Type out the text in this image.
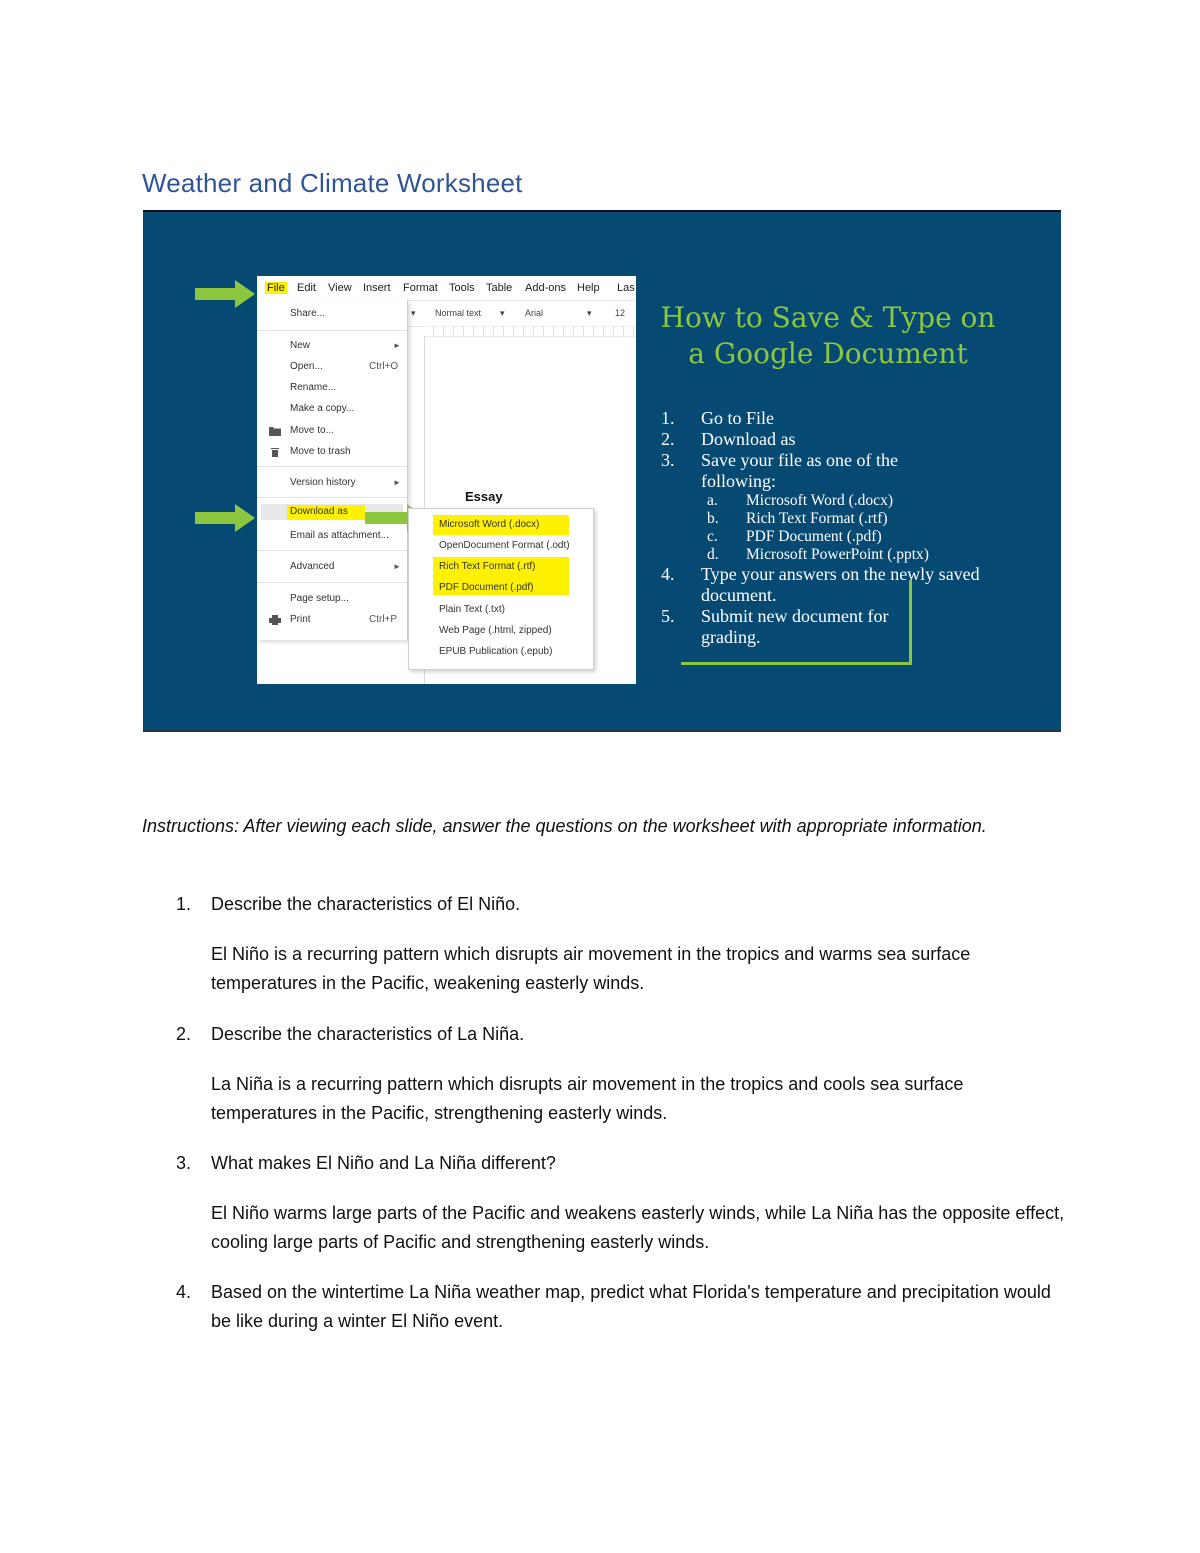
Weather and Climate Worksheet
File Edit View Insert Format Tools Table Add-ons Help Las
▾ Normal text ▾ Arial	▾	12
Share...
New	►
Open...	Ctrl+O
Rename...
Make a copy...
Move to...
Move to trash
Version history	►
Download as
Email as attachment...
Advanced	►
Page setup...
Print	Ctrl+P
Essay
Microsoft Word (.docx)
OpenDocument Format (.odt)
Rich Text Format (.rtf)
PDF Document (.pdf)
Plain Text (.txt)
Web Page (.html, zipped)
EPUB Publication (.epub)
How to Save & Type on
a Google Document
1. Go to File
2. Download as
3. Save your file as one of the following:
a. Microsoft Word (.docx)
b. Rich Text Format (.rtf)
c. PDF Document (.pdf)
d. Microsoft PowerPoint (.pptx)
4. Type your answers on the newly saved document.
5. Submit new document for grading.

Instructions: After viewing each slide, answer the questions on the worksheet with appropriate information.

1. Describe the characteristics of El Niño.

El Niño is a recurring pattern which disrupts air movement in the tropics and warms sea surface temperatures in the Pacific, weakening easterly winds.

2. Describe the characteristics of La Niña.

La Niña is a recurring pattern which disrupts air movement in the tropics and cools sea surface temperatures in the Pacific, strengthening easterly winds.

3. What makes El Niño and La Niña different?

El Niño warms large parts of the Pacific and weakens easterly winds, while La Niña has the opposite effect, cooling large parts of Pacific and strengthening easterly winds.

4. Based on the wintertime La Niña weather map, predict what Florida's temperature and precipitation would be like during a winter El Niño event.
